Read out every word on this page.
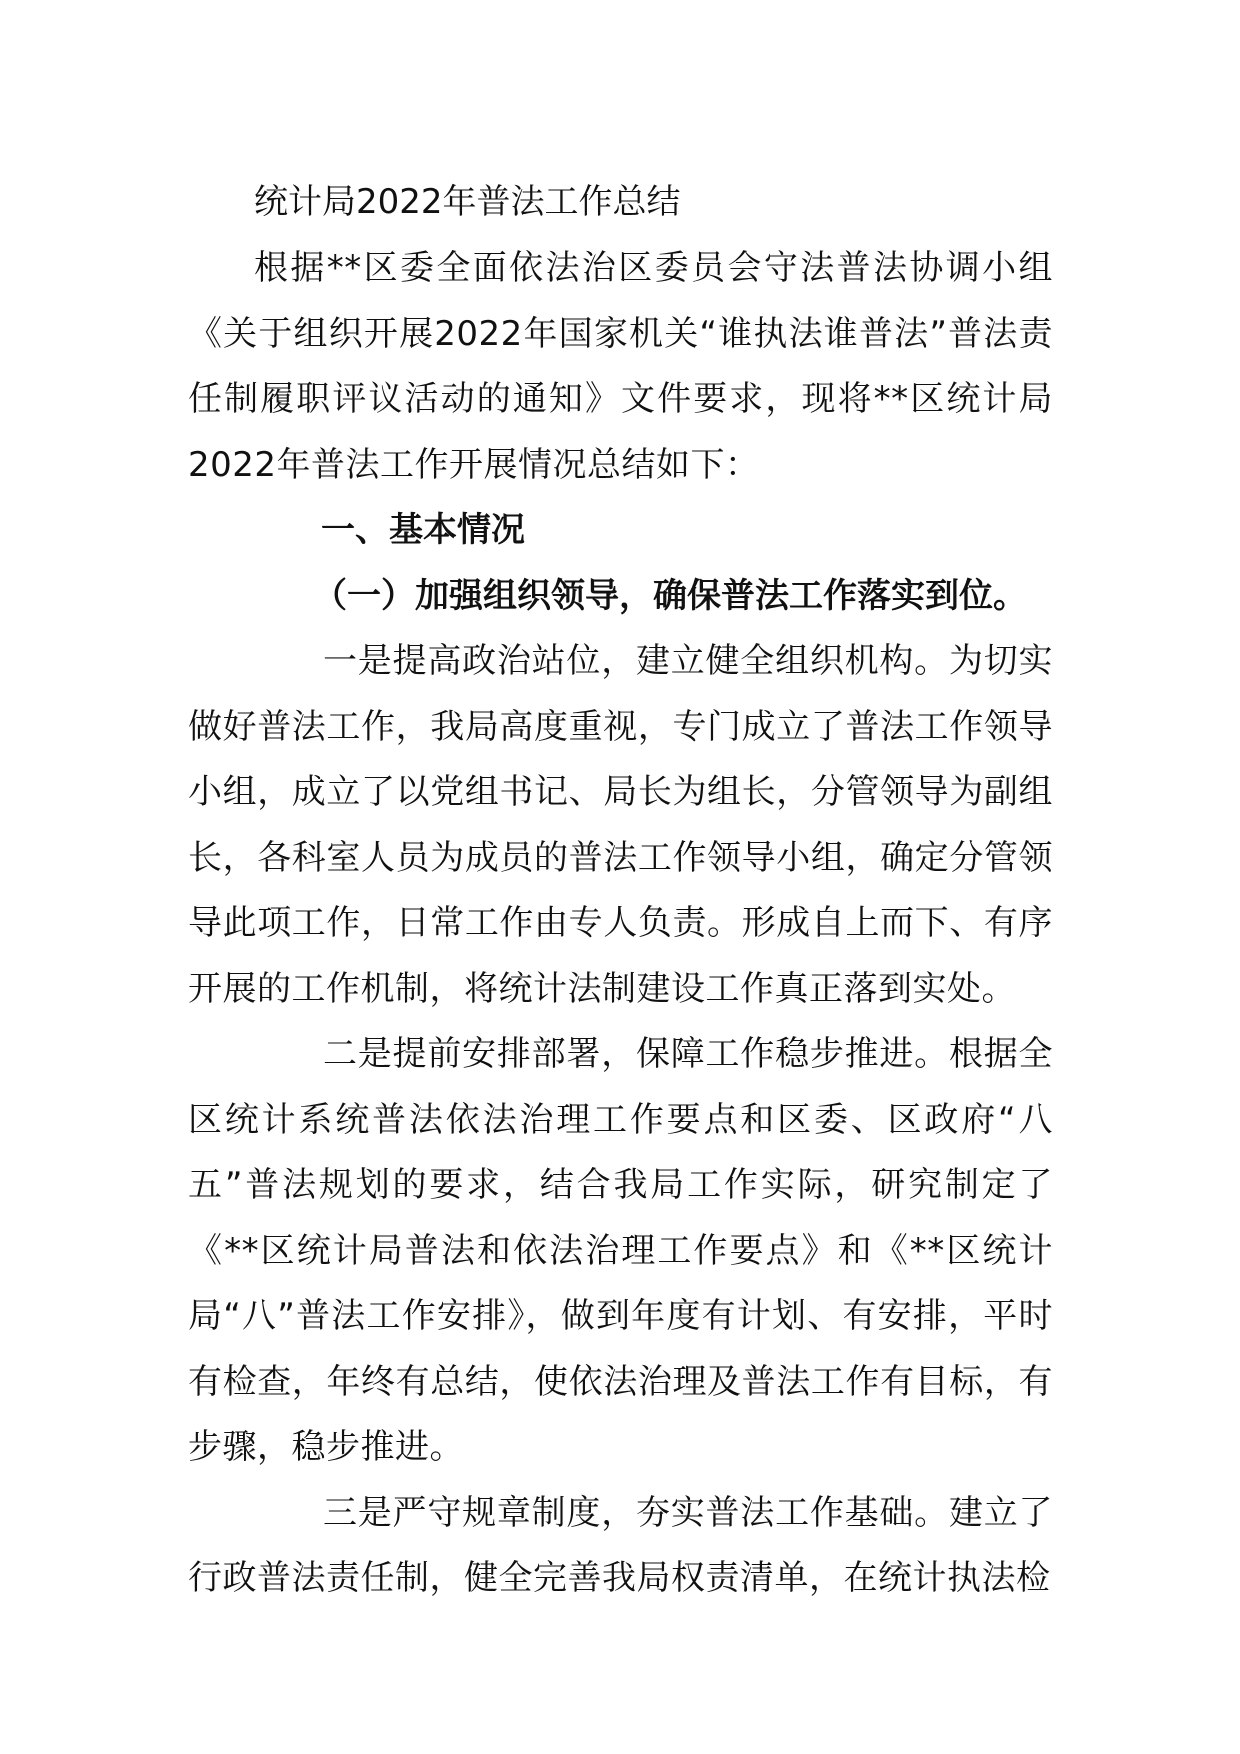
统计局2022年普法工作总结

根据**区委全面依法治区委员会守法普法协调小组《关于组织开展2022年国家机关“谁执法谁普法”普法责任制履职评议活动的通知》文件要求，现将**区统计局2022年普法工作开展情况总结如下：

一、基本情况
（一）加强组织领导，确保普法工作落实到位。

一是提高政治站位，建立健全组织机构。为切实做好普法工作，我局高度重视，专门成立了普法工作领导小组，成立了以党组书记、局长为组长，分管领导为副组长，各科室人员为成员的普法工作领导小组，确定分管领导此项工作，日常工作由专人负责。形成自上而下、有序开展的工作机制，将统计法制建设工作真正落到实处。

二是提前安排部署，保障工作稳步推进。根据全区统计系统普法依法治理工作要点和区委、区政府“八五”普法规划的要求，结合我局工作实际，研究制定了《**区统计局普法和依法治理工作要点》和《**区统计局“八”普法工作安排》，做到年度有计划、有安排，平时有检查，年终有总结，使依法治理及普法工作有目标，有步骤，稳步推进。

三是严守规章制度，夯实普法工作基础。建立了行政普法责任制，健全完善我局权责清单，在统计执法检
